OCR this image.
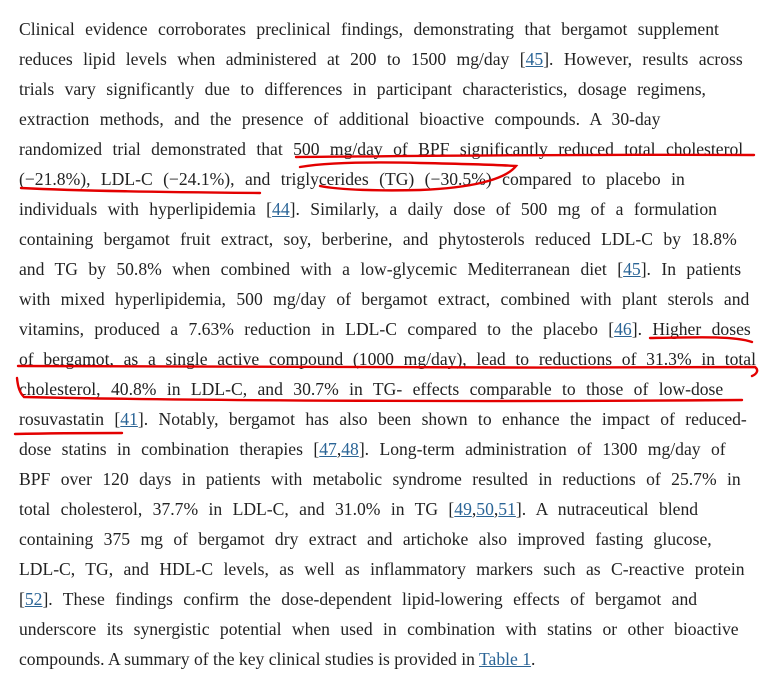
Clinical evidence corroborates preclinical findings, demonstrating that bergamot supplement
reduces lipid levels when administered at 200 to 1500 mg/day [45]. However, results across
trials vary significantly due to differences in participant characteristics, dosage regimens,
extraction methods, and the presence of additional bioactive compounds. A 30-day
randomized trial demonstrated that 500 mg/day of BPF significantly reduced total cholesterol
(−21.8%), LDL-C (−24.1%), and triglycerides (TG) (−30.5%) compared to placebo in
individuals with hyperlipidemia [44]. Similarly, a daily dose of 500 mg of a formulation
containing bergamot fruit extract, soy, berberine, and phytosterols reduced LDL-C by 18.8%
and TG by 50.8% when combined with a low-glycemic Mediterranean diet [45]. In patients
with mixed hyperlipidemia, 500 mg/day of bergamot extract, combined with plant sterols and
vitamins, produced a 7.63% reduction in LDL-C compared to the placebo [46]. Higher doses
of bergamot, as a single active compound (1000 mg/day), lead to reductions of 31.3% in total
cholesterol, 40.8% in LDL-C, and 30.7% in TG- effects comparable to those of low-dose
rosuvastatin [41]. Notably, bergamot has also been shown to enhance the impact of reduced-
dose statins in combination therapies [47,48]. Long-term administration of 1300 mg/day of
BPF over 120 days in patients with metabolic syndrome resulted in reductions of 25.7% in
total cholesterol, 37.7% in LDL-C, and 31.0% in TG [49,50,51]. A nutraceutical blend
containing 375 mg of bergamot dry extract and artichoke also improved fasting glucose,
LDL-C, TG, and HDL-C levels, as well as inflammatory markers such as C-reactive protein
[52]. These findings confirm the dose-dependent lipid-lowering effects of bergamot and
underscore its synergistic potential when used in combination with statins or other bioactive
compounds. A summary of the key clinical studies is provided in Table 1.
